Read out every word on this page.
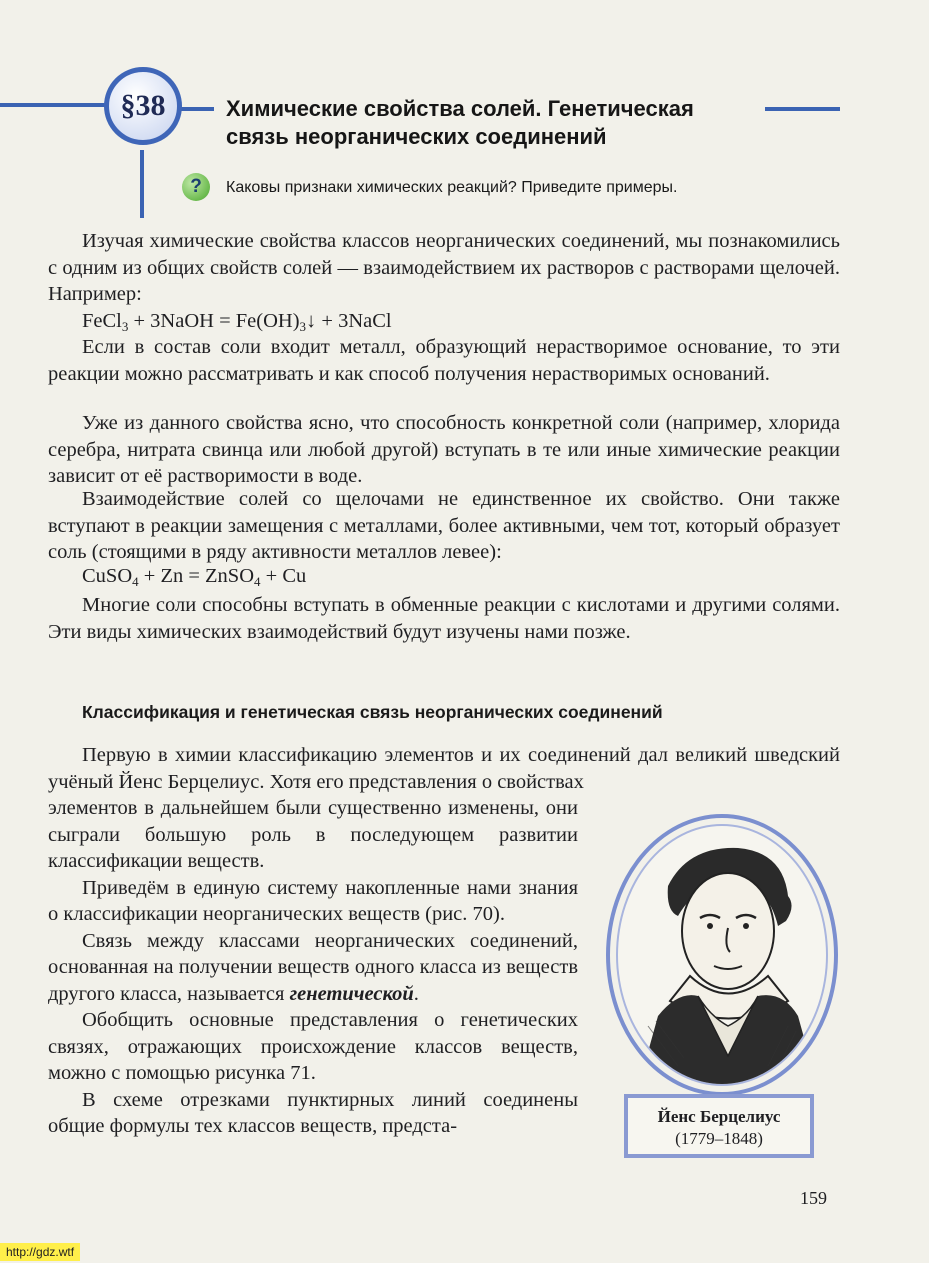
§38	Химические свойства солей. Генетическая
связь неорганических соединений
?	Каковы признаки химических реакций? Приведите примеры.

Изучая химические свойства классов неорганических соединений, мы познакомились с одним из общих свойств солей — взаимодействием их растворов с растворами щелочей. Например:

FeCl$_3$ + 3NaOH = $Fe(OH)_3↓$ + 3NaCl

Если в состав соли входит металл, образующий нерастворимое основание, то эти реакции можно рассматривать и как способ получения нерастворимых оснований.

Уже из данного свойства ясно, что способность конкретной соли (например, хлорида серебра, нитрата свинца или любой другой) вступать в те или иные химические реакции зависит от её растворимости в воде.

Взаимодействие солей со щелочами не единственное их свойство. Они также вступают в реакции замещения с металлами, более активными, чем тот, который образует соль (стоящими в ряду активности металлов левее):

CuSO$_4$ + Zn = ZnSO$_4$ + Cu

Многие соли способны вступать в обменные реакции с кислотами и другими солями. Эти виды химических взаимодействий будут изучены нами позже.

Классификация и генетическая связь неорганических соединений

Первую в химии классификацию элементов и их соединений дал великий шведский учёный Йенс Берцелиус. Хотя его представления о свойствах

элементов в дальнейшем были существенно изменены, они сыграли большую роль в последующем развитии классификации веществ.

Приведём в единую систему накопленные нами знания о классификации неорганических веществ (рис. 70).

Связь между классами неорганических соединений, основанная на получении веществ одного класса из веществ другого класса, называется генетической.

Обобщить основные представления о генетических связях, отражающих происхождение классов веществ, можно с помощью рисунка 71.

В схеме отрезками пунктирных линий соединены общие формулы тех классов веществ, предста-	Йенс Берцелиус
(1779–1848)
159
http://gdz.wtf
